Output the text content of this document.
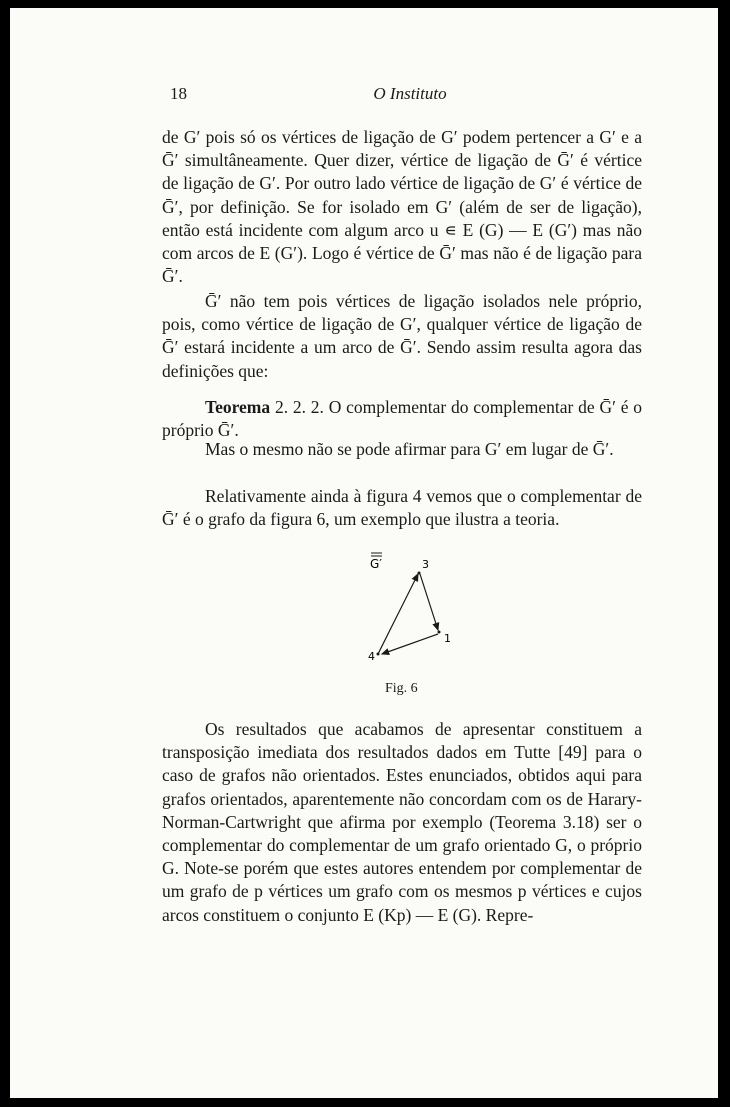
18	O Instituto
de G′ pois só os vértices de ligação de G′ podem pertencer a G′ e a Ḡ′ simultâneamente. Quer dizer, vértice de ligação de Ḡ′ é vértice de ligação de G′. Por outro lado vértice de ligação de G′ é vértice de Ḡ′, por definição. Se for isolado em G′ (além de ser de ligação), então está incidente com algum arco u ∊ E (G) — E (G′) mas não com arcos de E (G′). Logo é vértice de Ḡ′ mas não é de ligação para Ḡ′.
Ḡ′ não tem pois vértices de ligação isolados nele próprio, pois, como vértice de ligação de G′, qualquer vértice de ligação de Ḡ′ estará incidente a um arco de Ḡ′. Sendo assim resulta agora das definições que:
Teorema 2. 2. 2. O complementar do complementar de Ḡ′ é o próprio Ḡ′.
Mas o mesmo não se pode afirmar para G′ em lugar de Ḡ′.
Relativamente ainda à figura 4 vemos que o complementar de Ḡ′ é o grafo da figura 6, um exemplo que ilustra a teoria.
G′	3
1
4
Fig. 6
Os resultados que acabamos de apresentar constituem a transposição imediata dos resultados dados em Tutte [49] para o caso de grafos não orientados. Estes enunciados, obtidos aqui para grafos orientados, aparentemente não concordam com os de Harary-Norman-Cartwright que afirma por exemplo (Teorema 3.18) ser o complementar do complementar de um grafo orientado G, o próprio G. Note-se porém que estes autores entendem por complementar de um grafo de p vértices um grafo com os mesmos p vértices e cujos arcos constituem o conjunto E (Kp) — E (G). Repre-
